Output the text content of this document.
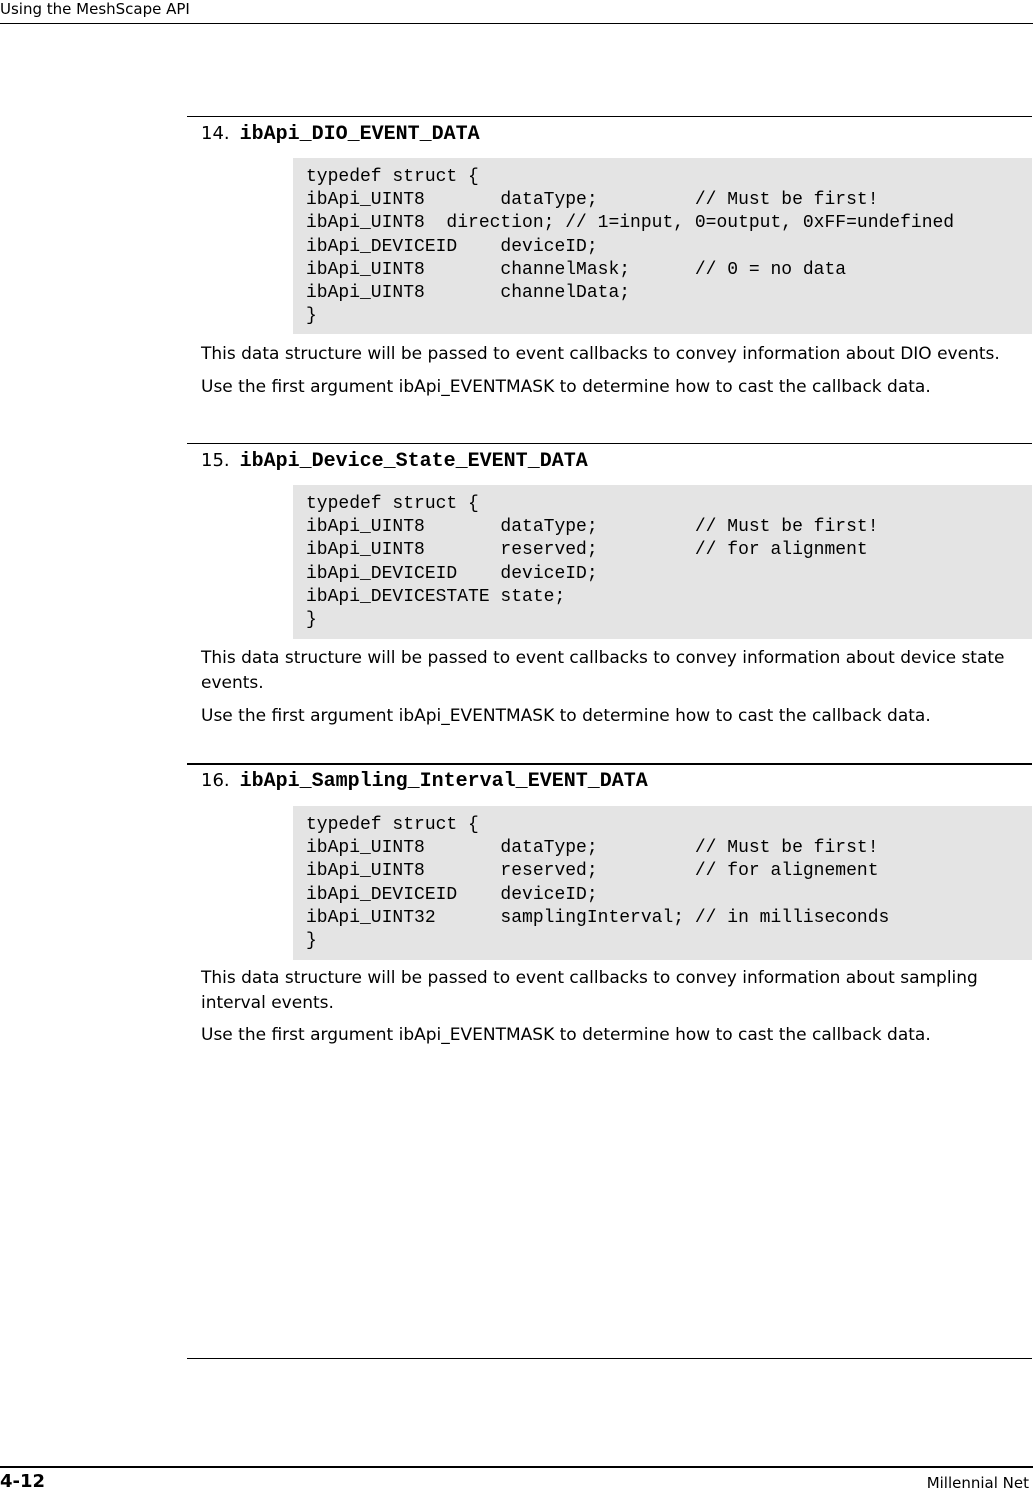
Using the MeshScape API
14. ibApi_DIO_EVENT_DATA
typedef struct {
ibApi_UINT8       dataType;         // Must be first!
ibApi_UINT8  direction; // 1=input, 0=output, 0xFF=undefined
ibApi_DEVICEID    deviceID;
ibApi_UINT8       channelMask;      // 0 = no data
ibApi_UINT8       channelData;
}

This data structure will be passed to event callbacks to convey information about DIO events.

Use the first argument ibApi_EVENTMASK to determine how to cast the callback data.

15. ibApi_Device_State_EVENT_DATA
typedef struct {
ibApi_UINT8       dataType;         // Must be first!
ibApi_UINT8       reserved;         // for alignment
ibApi_DEVICEID    deviceID;
ibApi_DEVICESTATE state;
}

This data structure will be passed to event callbacks to convey information about device state events.

Use the first argument ibApi_EVENTMASK to determine how to cast the callback data.

16. ibApi_Sampling_Interval_EVENT_DATA
typedef struct {
ibApi_UINT8       dataType;         // Must be first!
ibApi_UINT8       reserved;         // for alignement
ibApi_DEVICEID    deviceID;
ibApi_UINT32      samplingInterval; // in milliseconds
}

This data structure will be passed to event callbacks to convey information about sampling interval events.

Use the first argument ibApi_EVENTMASK to determine how to cast the callback data.

4-12	Millennial Net
